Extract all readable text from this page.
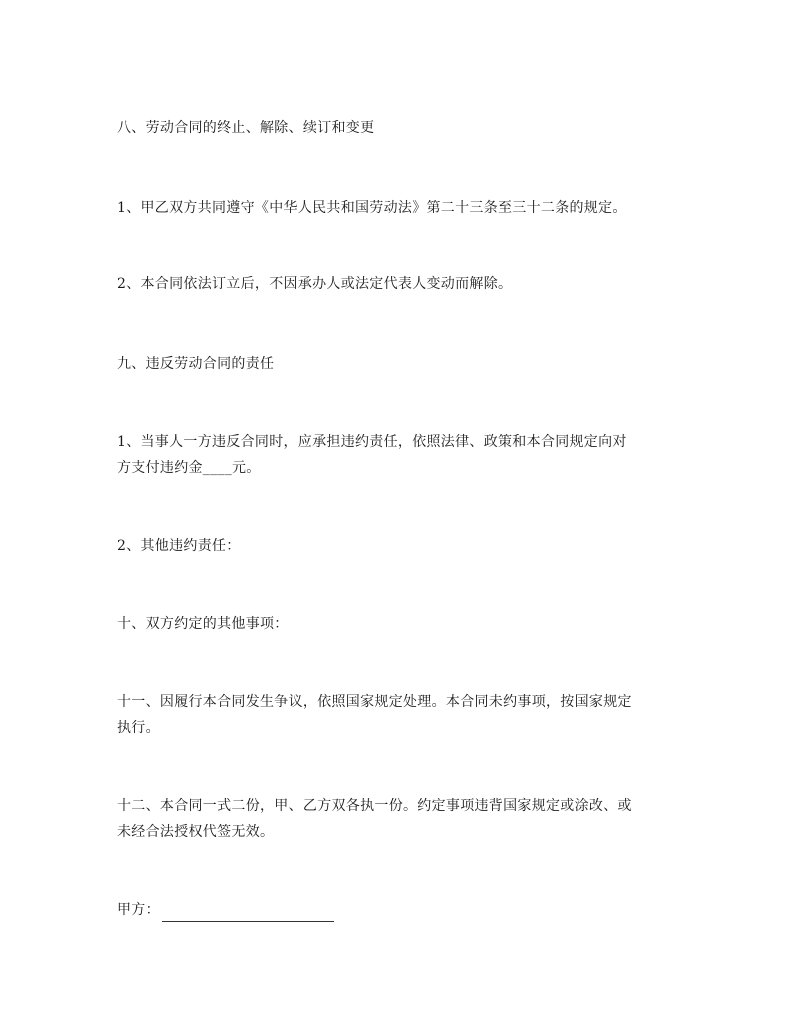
八、劳动合同的终止、解除、续订和变更
1、甲乙双方共同遵守《中华人民共和国劳动法》第二十三条至三十二条的规定。
2、本合同依法订立后，不因承办人或法定代表人变动而解除。
九、违反劳动合同的责任
1、当事人一方违反合同时，应承担违约责任，依照法律、政策和本合同规定向对
方支付违约金____元。
2、其他违约责任：
十、双方约定的其他事项：
十一、因履行本合同发生争议，依照国家规定处理。本合同未约事项，按国家规定
执行。
十二、本合同一式二份，甲、乙方双各执一份。约定事项违背国家规定或涂改、或
未经合法授权代签无效。
甲方：
